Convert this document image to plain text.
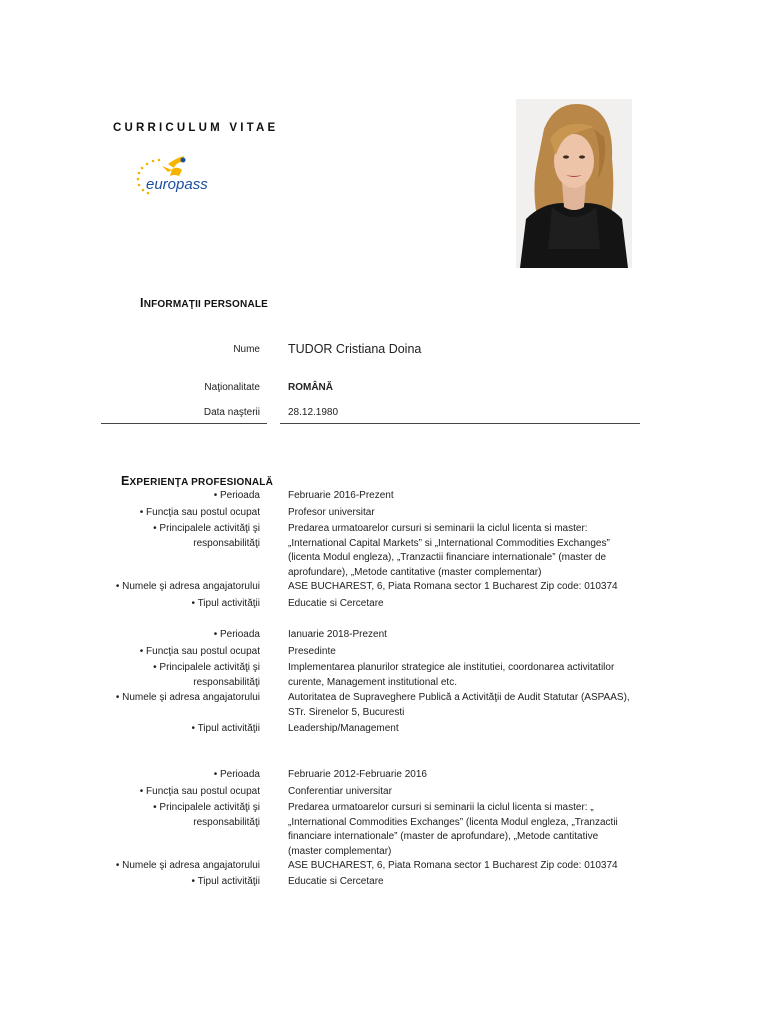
CURRICULUM VITAE
europass
INFORMAŢII PERSONALE
Nume TUDOR Cristiana Doina
Naţionalitate	ROMÂNĂ
Data naşterii	28.12.1980
EXPERIENŢA PROFESIONALĂ
• Perioada	Februarie 2016-Prezent
• Funcţia sau postul ocupat	Profesor universitar
• Principalele activităţi şi
responsabilităţi
Predarea urmatoarelor cursuri si seminarii la ciclul licenta si master: „International Capital Markets” si „International Commodities Exchanges” (licenta Modul engleza), „Tranzactii financiare internationale” (master de aprofundare), „Metode cantitative (master complementar)
• Numele şi adresa angajatorului	ASE BUCHAREST, 6, Piata Romana sector 1 Bucharest Zip code: 010374
• Tipul activităţii	Educatie si Cercetare
• Perioada	Ianuarie 2018-Prezent
• Funcţia sau postul ocupat	Presedinte
• Principalele activităţi şi
responsabilităţi
Implementarea planurilor strategice ale institutiei, coordonarea activitatilor curente, Management institutional etc.
• Numele şi adresa angajatorului	Autoritatea de Supraveghere Publică a Activităţii de Audit Statutar (ASPAAS), STr. Sirenelor 5, Bucuresti
• Tipul activităţii	Leadership/Management
• Perioada	Februarie 2012-Februarie 2016
• Funcţia sau postul ocupat	Conferentiar universitar
• Principalele activităţi şi
responsabilităţi
Predarea urmatoarelor cursuri si seminarii la ciclul licenta si master: „ „International Commodities Exchanges” (licenta Modul engleza, „Tranzactii financiare internationale” (master de aprofundare), „Metode cantitative (master complementar)
• Numele şi adresa angajatorului	ASE BUCHAREST, 6, Piata Romana sector 1 Bucharest Zip code: 010374
• Tipul activităţii	Educatie si Cercetare
